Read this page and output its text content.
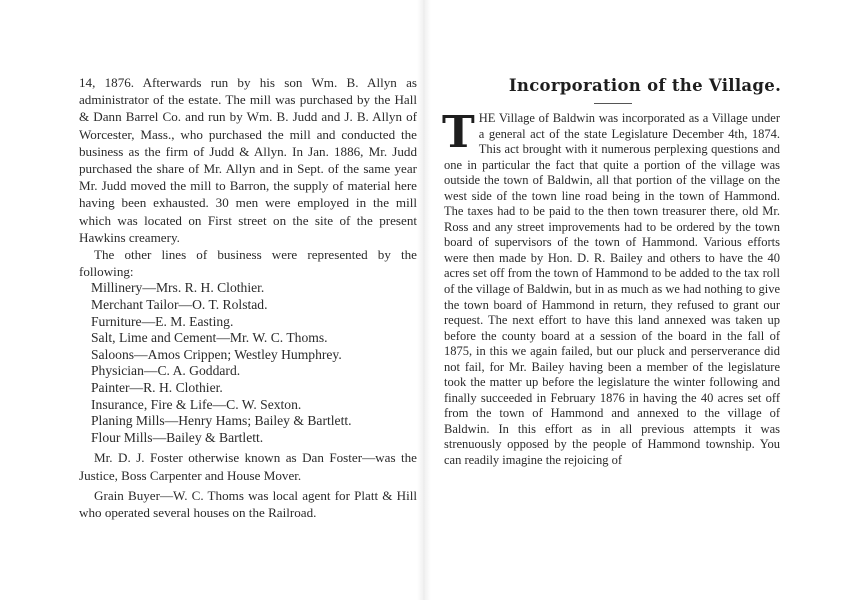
14, 1876. Afterwards run by his son Wm. B. Allyn as administrator of the estate. The mill was purchased by the Hall & Dann Barrel Co. and run by Wm. B. Judd and J. B. Allyn of Worcester, Mass., who purchased the mill and conducted the business as the firm of Judd & Allyn. In Jan. 1886, Mr. Judd purchased the share of Mr. Allyn and in Sept. of the same year Mr. Judd moved the mill to Barron, the supply of material here having been exhausted. 30 men were employed in the mill which was located on First street on the site of the present Hawkins creamery.

The other lines of business were represented by the following:

Millinery—Mrs. R. H. Clothier.
Merchant Tailor—O. T. Rolstad.
Furniture—E. M. Easting.
Salt, Lime and Cement—Mr. W. C. Thoms.
Saloons—Amos Crippen; Westley Humphrey.
Physician—C. A. Goddard.
Painter—R. H. Clothier.
Insurance, Fire & Life—C. W. Sexton.
Planing Mills—Henry Hams; Bailey & Bartlett.
Flour Mills—Bailey & Bartlett.

Mr. D. J. Foster otherwise known as Dan Foster—was the Justice, Boss Carpenter and House Mover.

Grain Buyer—W. C. Thoms was local agent for Platt & Hill who operated several houses on the Railroad.

Incorporation of the Village.

THE Village of Baldwin was incorporated as a Village under a general act of the state Legislature December 4th, 1874. This act brought with it numerous perplexing questions and one in particular the fact that quite a portion of the village was outside the town of Baldwin, all that portion of the village on the west side of the town line road being in the town of Hammond. The taxes had to be paid to the then town treasurer there, old Mr. Ross and any street improvements had to be ordered by the town board of supervisors of the town of Hammond. Various efforts were then made by Hon. D. R. Bailey and others to have the 40 acres set off from the town of Hammond to be added to the tax roll of the village of Baldwin, but in as much as we had nothing to give the town board of Hammond in return, they refused to grant our request. The next effort to have this land annexed was taken up before the county board at a session of the board in the fall of 1875, in this we again failed, but our pluck and perserverance did not fail, for Mr. Bailey having been a member of the legislature took the matter up before the legislature the winter following and finally succeeded in February 1876 in having the 40 acres set off from the town of Hammond and annexed to the village of Baldwin. In this effort as in all previous attempts it was strenuously opposed by the people of Hammond township. You can readily imagine the rejoicing of
